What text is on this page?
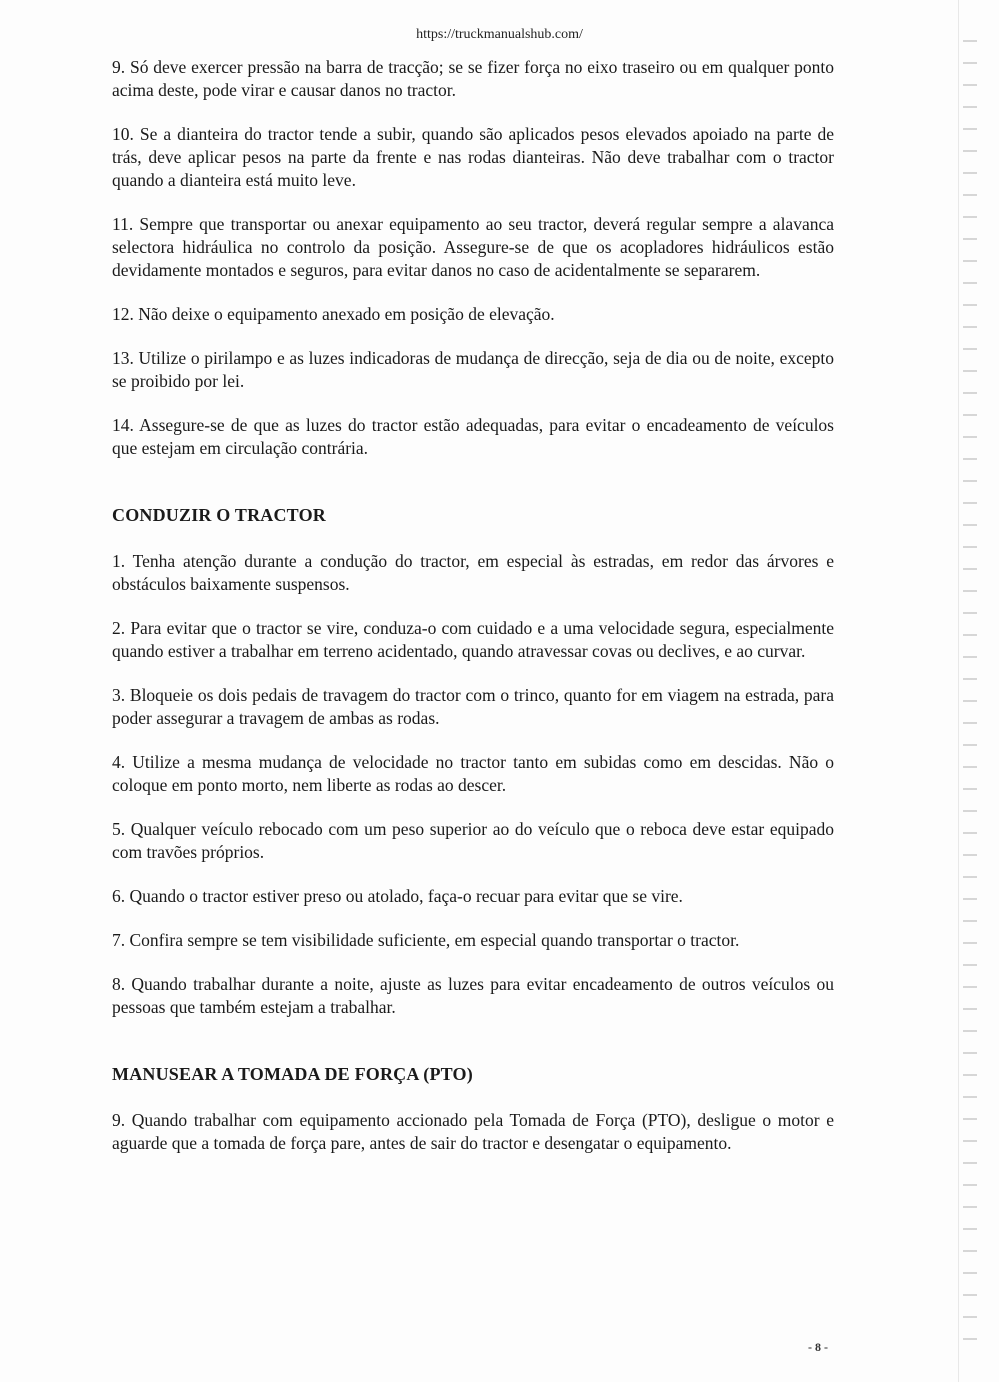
https://truckmanualshub.com/

9. Só deve exercer pressão na barra de tracção; se se fizer força no eixo traseiro ou em qualquer ponto acima deste, pode virar e causar danos no tractor.

10. Se a dianteira do tractor tende a subir, quando são aplicados pesos elevados apoiado na parte de trás, deve aplicar pesos na parte da frente e nas rodas dianteiras. Não deve trabalhar com o tractor quando a dianteira está muito leve.

11. Sempre que transportar ou anexar equipamento ao seu tractor, deverá regular sempre a alavanca selectora hidráulica no controlo da posição. Assegure-se de que os acopladores hidráulicos estão devidamente montados e seguros, para evitar danos no caso de acidentalmente se separarem.

12. Não deixe o equipamento anexado em posição de elevação.

13. Utilize o pirilampo e as luzes indicadoras de mudança de direcção, seja de dia ou de noite, excepto se proibido por lei.

14. Assegure-se de que as luzes do tractor estão adequadas, para evitar o encadeamento de veículos que estejam em circulação contrária.

CONDUZIR O TRACTOR

1. Tenha atenção durante a condução do tractor, em especial às estradas, em redor das árvores e obstáculos baixamente suspensos.

2. Para evitar que o tractor se vire, conduza-o com cuidado e a uma velocidade segura, especialmente quando estiver a trabalhar em terreno acidentado, quando atravessar covas ou declives, e ao curvar.

3. Bloqueie os dois pedais de travagem do tractor com o trinco, quanto for em viagem na estrada, para poder assegurar a travagem de ambas as rodas.

4. Utilize a mesma mudança de velocidade no tractor tanto em subidas como em descidas. Não o coloque em ponto morto, nem liberte as rodas ao descer.

5. Qualquer veículo rebocado com um peso superior ao do veículo que o reboca deve estar equipado com travões próprios.

6. Quando o tractor estiver preso ou atolado, faça-o recuar para evitar que se vire.

7. Confira sempre se tem visibilidade suficiente, em especial quando transportar o tractor.

8. Quando trabalhar durante a noite, ajuste as luzes para evitar encadeamento de outros veículos ou pessoas que também estejam a trabalhar.

MANUSEAR A TOMADA DE FORÇA (PTO)

9. Quando trabalhar com equipamento accionado pela Tomada de Força (PTO), desligue o motor e aguarde que a tomada de força pare, antes de sair do tractor e desengatar o equipamento.

- 8 -
